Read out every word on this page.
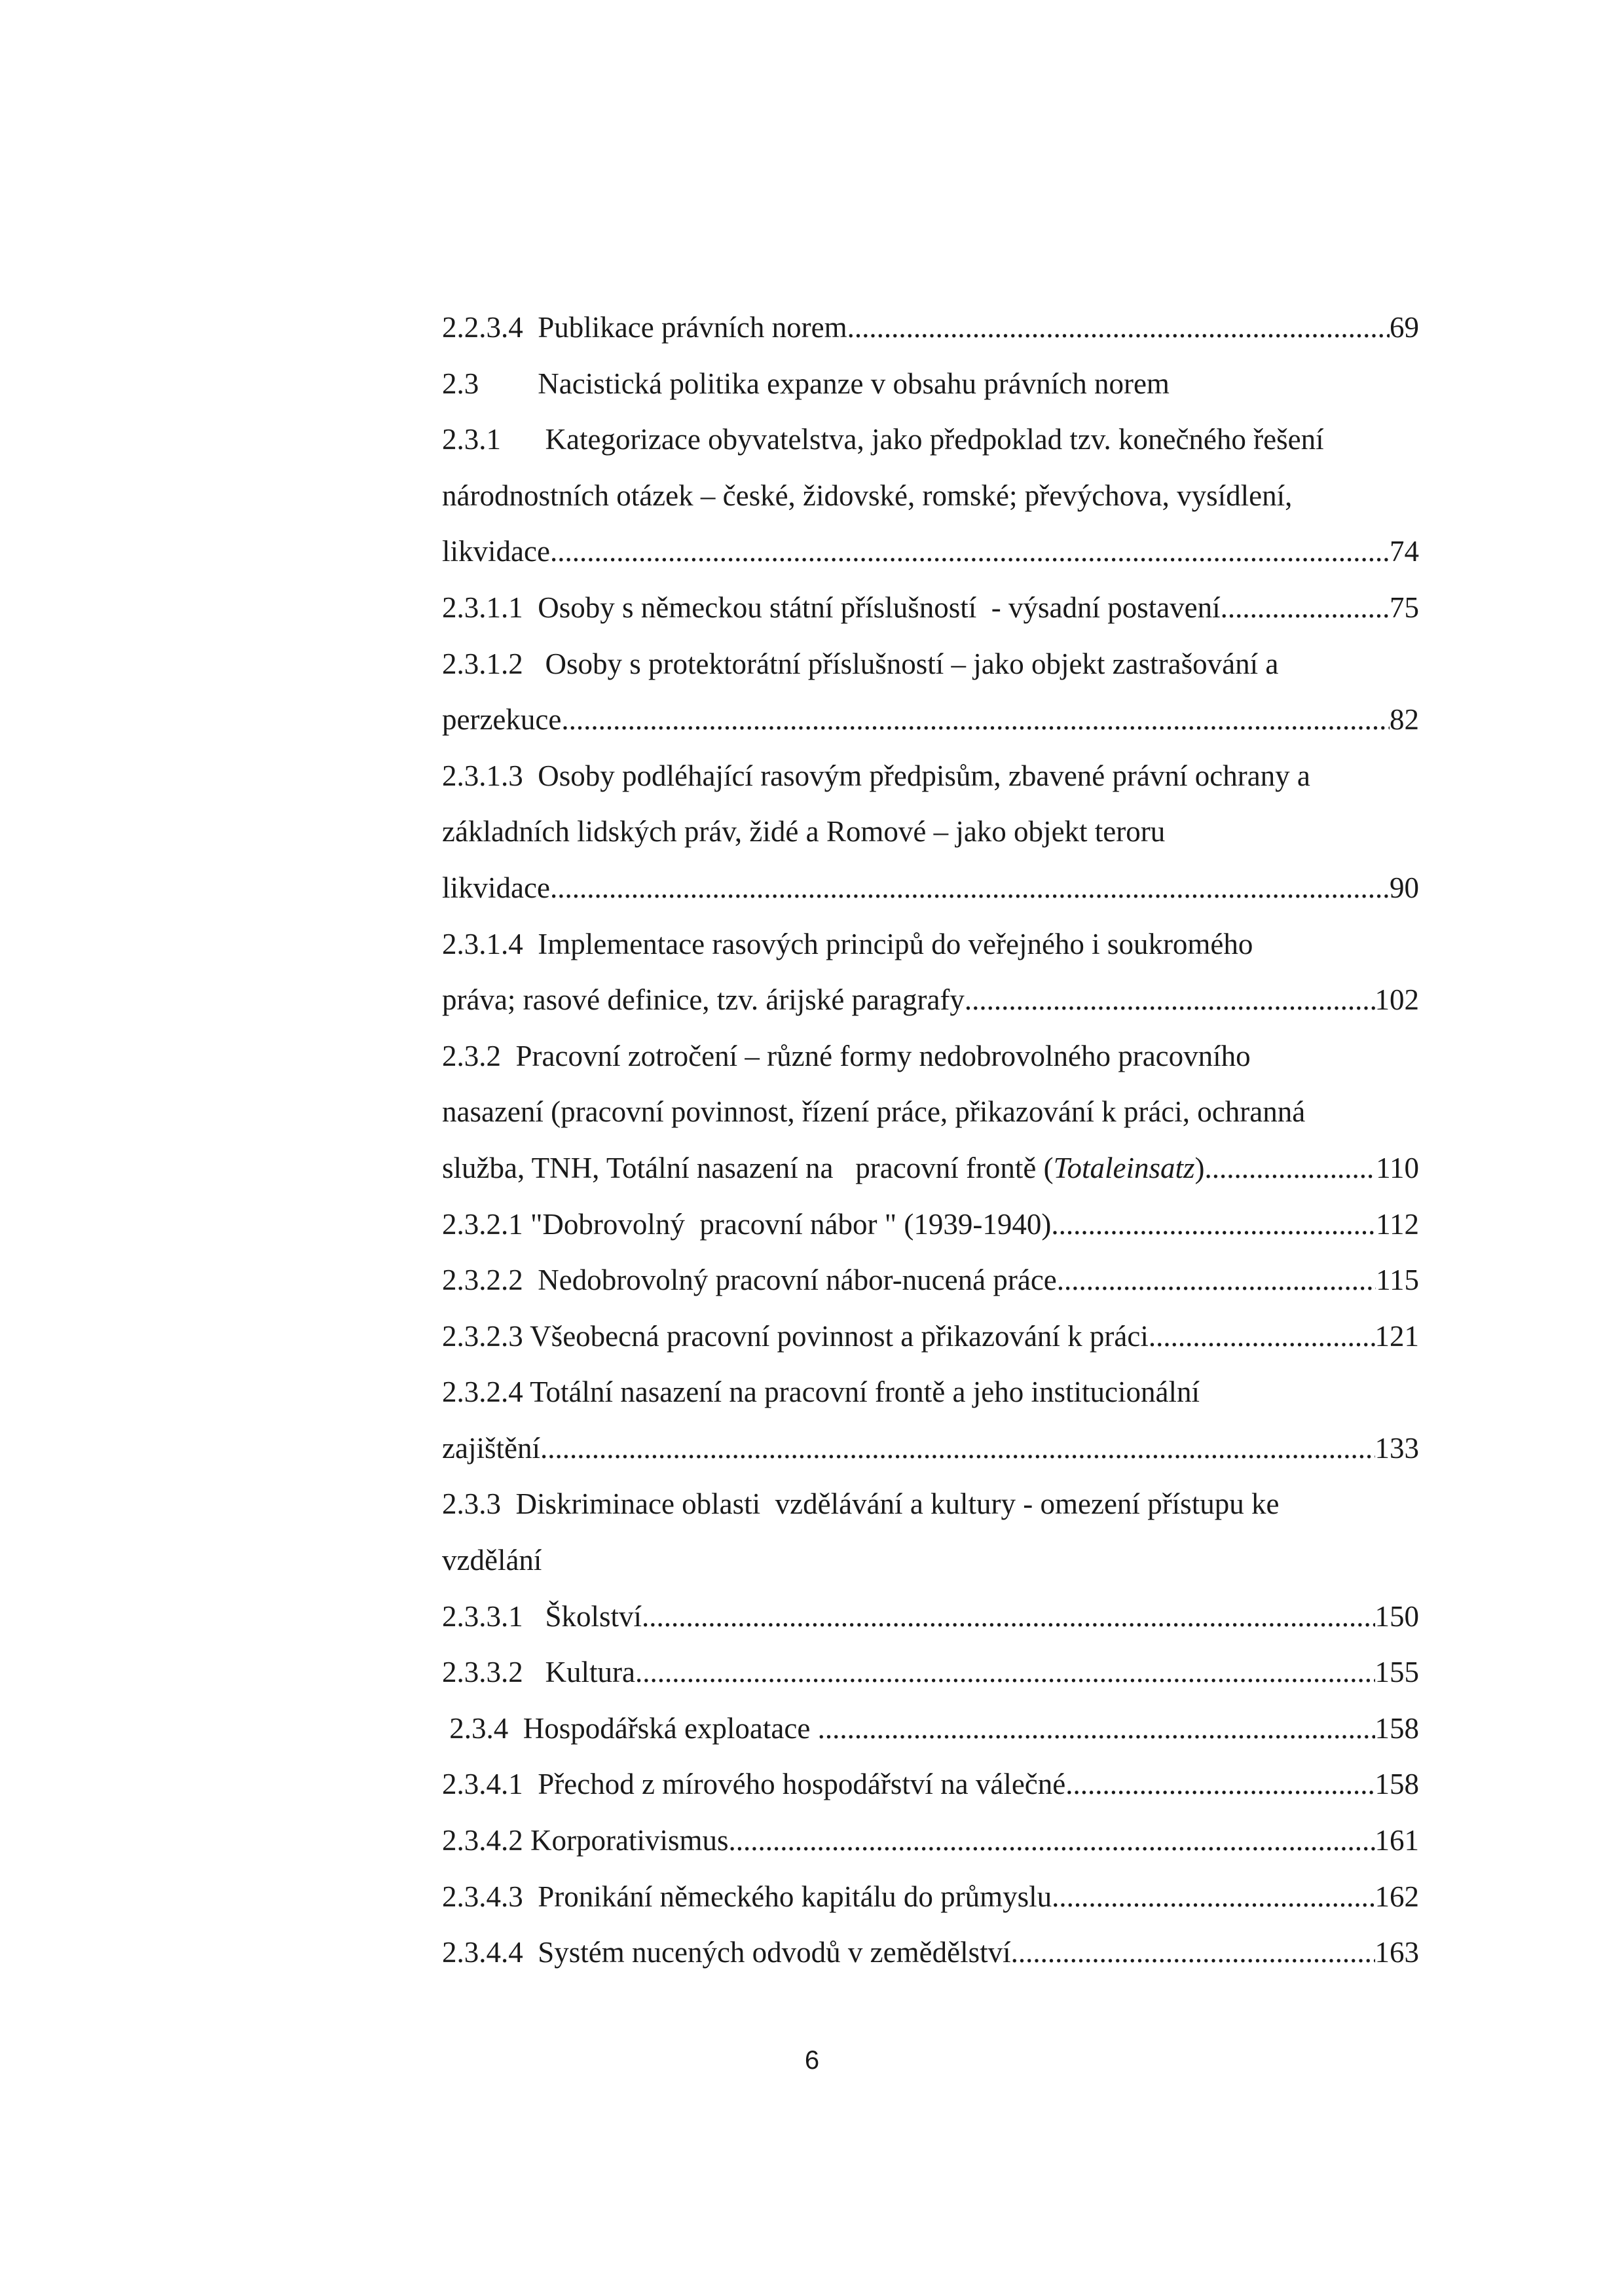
2.2.3.4  Publikace právních norem .....	69
2.3        Nacistická politika expanze v obsahu právních norem
2.3.1      Kategorizace obyvatelstva, jako předpoklad tzv. konečného řešení
národnostních otázek – české, židovské, romské; převýchova, vysídlení,
likvidace .....	74
2.3.1.1  Osoby s německou státní příslušností  - výsadní postavení .....	75
2.3.1.2   Osoby s protektorátní příslušností – jako objekt zastrašování a
perzekuce .....	82
2.3.1.3  Osoby podléhající rasovým předpisům, zbavené právní ochrany a
základních lidských práv, židé a Romové – jako objekt teroru
likvidace .....	90
2.3.1.4  Implementace rasových principů do veřejného i soukromého
práva; rasové definice, tzv. árijské paragrafy .....	102
2.3.2  Pracovní zotročení – různé formy nedobrovolného pracovního
nasazení (pracovní povinnost, řízení práce, přikazování k práci, ochranná
služba, TNH, Totální nasazení na   pracovní frontě (Totaleinsatz) .....	110
2.3.2.1 "Dobrovolný  pracovní nábor " (1939-1940) .....	112
2.3.2.2  Nedobrovolný pracovní nábor-nucená práce .....	115
2.3.2.3 Všeobecná pracovní povinnost a přikazování k práci .....	121
2.3.2.4 Totální nasazení na pracovní frontě a jeho institucionální
zajištění .....	133
2.3.3  Diskriminace oblasti  vzdělávání a kultury - omezení přístupu ke
vzdělání
2.3.3.1   Školství .....	150
2.3.3.2   Kultura .....	155
2.3.4  Hospodářská exploatace .....	158
2.3.4.1  Přechod z mírového hospodářství na válečné .....	158
2.3.4.2 Korporativismus .....	161
2.3.4.3  Pronikání německého kapitálu do průmyslu .....	162
2.3.4.4  Systém nucených odvodů v zemědělství .....	163
6
